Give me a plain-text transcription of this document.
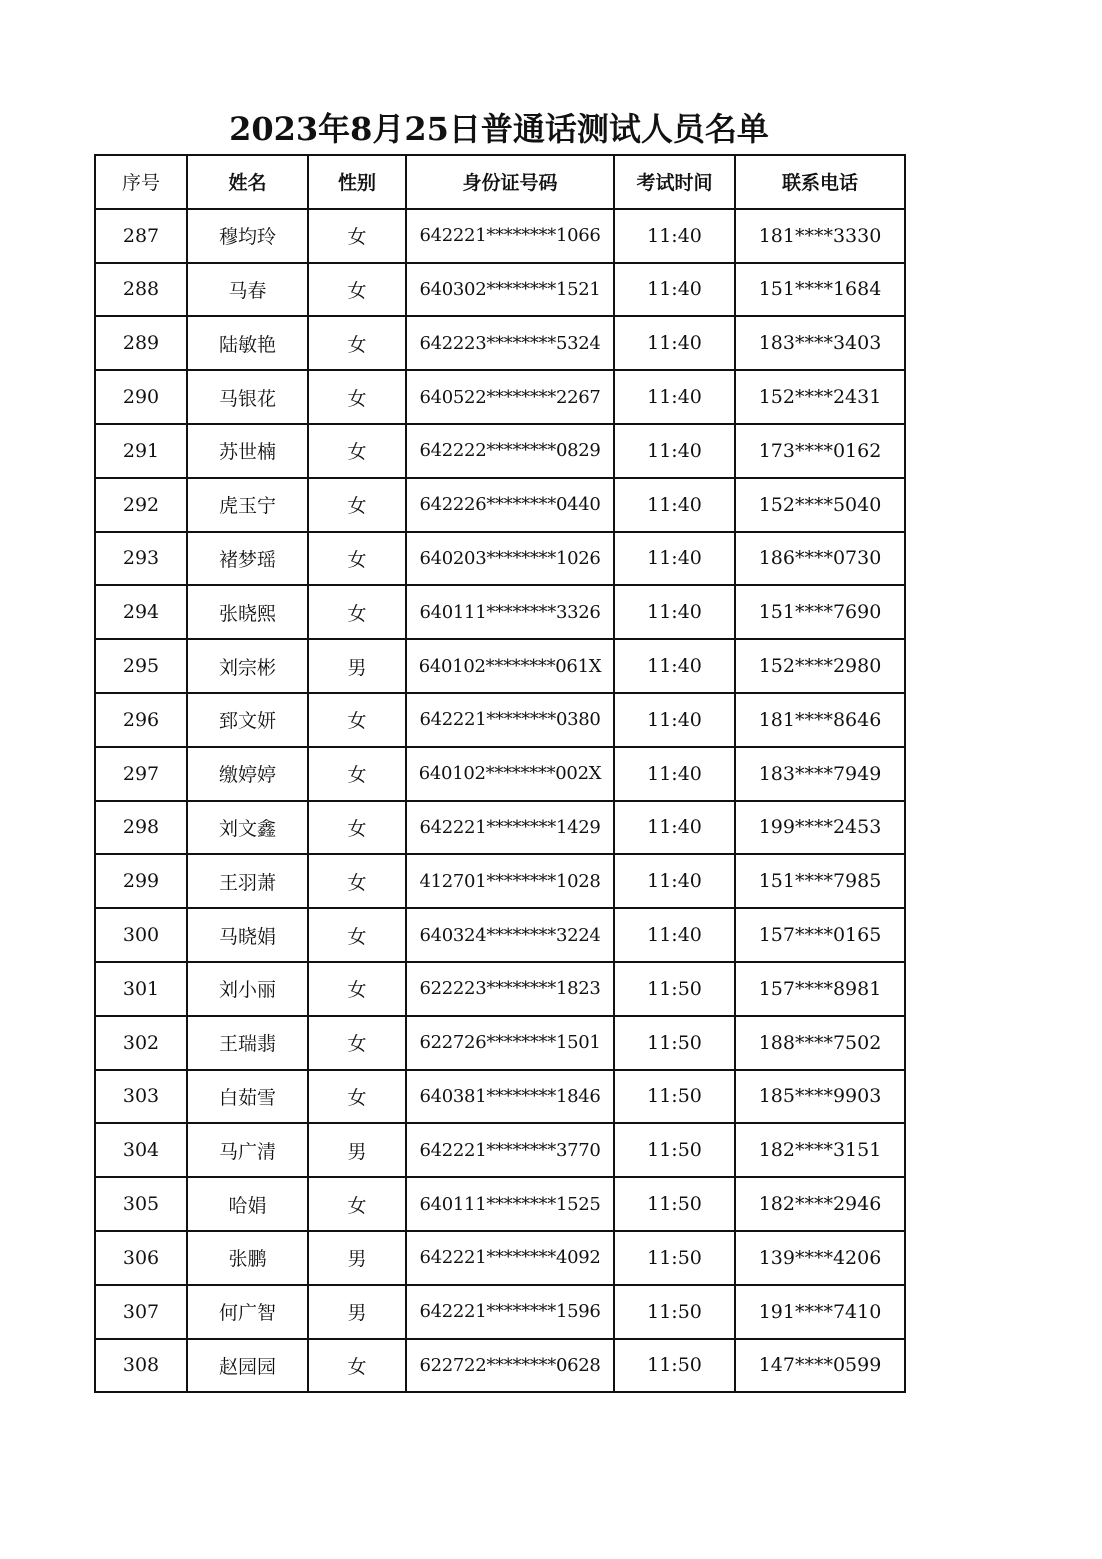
2023年8月25日普通话测试人员名单
序号	姓名	性别	身份证号码	考试时间	联系电话
287	穆均玲	女	642221********1066	11:40	181****3330
288	马春	女	640302********1521	11:40	151****1684
289	陆敏艳	女	642223********5324	11:40	183****3403
290	马银花	女	640522********2267	11:40	152****2431
291	苏世楠	女	642222********0829	11:40	173****0162
292	虎玉宁	女	642226********0440	11:40	152****5040
293	褚梦瑶	女	640203********1026	11:40	186****0730
294	张晓熙	女	640111********3326	11:40	151****7690
295	刘宗彬	男	640102********061X	11:40	152****2980
296	郅文妍	女	642221********0380	11:40	181****8646
297	缴婷婷	女	640102********002X	11:40	183****7949
298	刘文鑫	女	642221********1429	11:40	199****2453
299	王羽萧	女	412701********1028	11:40	151****7985
300	马晓娟	女	640324********3224	11:40	157****0165
301	刘小丽	女	622223********1823	11:50	157****8981
302	王瑞翡	女	622726********1501	11:50	188****7502
303	白茹雪	女	640381********1846	11:50	185****9903
304	马广清	男	642221********3770	11:50	182****3151
305	哈娟	女	640111********1525	11:50	182****2946
306	张鹏	男	642221********4092	11:50	139****4206
307	何广智	男	642221********1596	11:50	191****7410
308	赵园园	女	622722********0628	11:50	147****0599
